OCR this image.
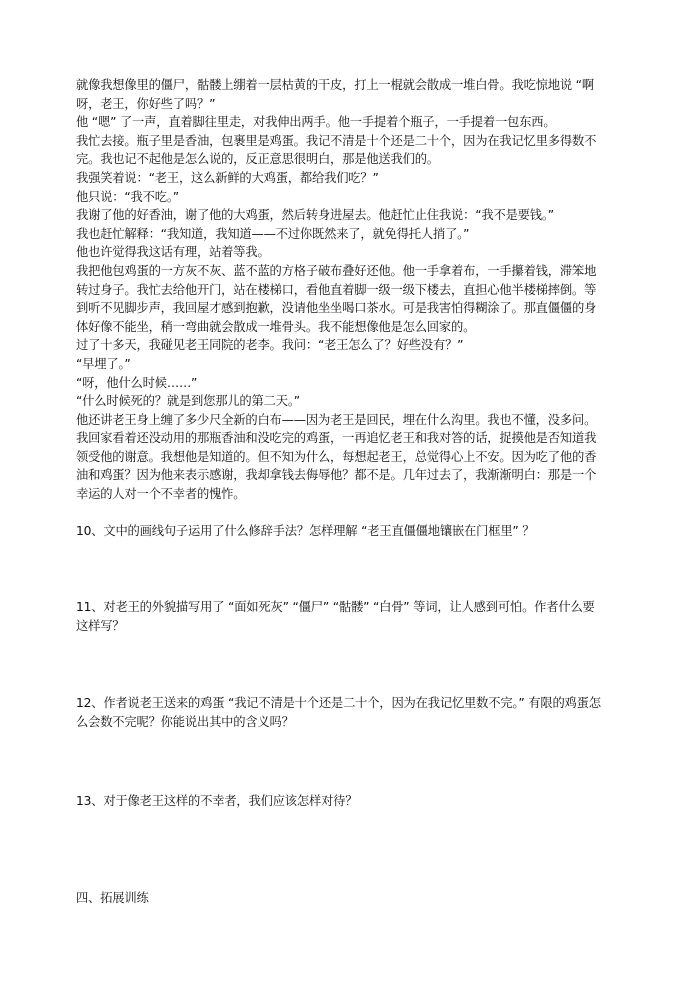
就像我想像里的僵尸，骷髅上绷着一层枯黄的干皮，打上一棍就会散成一堆白骨。我吃惊地说 “啊
呀，老王，你好些了吗？”
他 “嗯” 了一声，直着脚往里走，对我伸出两手。他一手提着个瓶子，一手提着一包东西。
我忙去接。瓶子里是香油，包裹里是鸡蛋。我记不清是十个还是二十个，因为在我记忆里多得数不
完。我也记不起他是怎么说的，反正意思很明白，那是他送我们的。
我强笑着说：“老王，这么新鲜的大鸡蛋，都给我们吃？”
他只说：“我不吃。”
我谢了他的好香油，谢了他的大鸡蛋，然后转身进屋去。他赶忙止住我说：“我不是要钱。”
我也赶忙解释：“我知道，我知道——不过你既然来了，就免得托人捎了。”
他也许觉得我这话有理，站着等我。
我把他包鸡蛋的一方灰不灰、蓝不蓝的方格子破布叠好还他。他一手拿着布，一手攥着钱，滞笨地
转过身子。我忙去给他开门，站在楼梯口，看他直着脚一级一级下楼去，直担心他半楼梯摔倒。等
到听不见脚步声，我回屋才感到抱歉，没请他坐坐喝口茶水。可是我害怕得糊涂了。那直僵僵的身
体好像不能坐，稍一弯曲就会散成一堆骨头。我不能想像他是怎么回家的。
过了十多天，我碰见老王同院的老李。我问：“老王怎么了？好些没有？”
“早埋了。”
“呀，他什么时候……”
“什么时候死的？就是到您那儿的第二天。”
他还讲老王身上缠了多少尺全新的白布——因为老王是回民，埋在什么沟里。我也不懂，没多问。
我回家看着还没动用的那瓶香油和没吃完的鸡蛋，一再追忆老王和我对答的话，捉摸他是否知道我
领受他的谢意。我想他是知道的。但不知为什么，每想起老王，总觉得心上不安。因为吃了他的香
油和鸡蛋？因为他来表示感谢，我却拿钱去侮辱他？都不是。几年过去了，我渐渐明白：那是一个
幸运的人对一个不幸者的愧怍。
10、文中的画线句子运用了什么修辞手法？怎样理解 “老王直僵僵地镶嵌在门框里” ？
11、对老王的外貌描写用了 “面如死灰” “僵尸” “骷髅” “白骨” 等词，让人感到可怕。作者什么要
这样写？
12、作者说老王送来的鸡蛋 “我记不清是十个还是二十个，因为在我记忆里数不完。” 有限的鸡蛋怎
么会数不完呢？你能说出其中的含义吗？
13、对于像老王这样的不幸者，我们应该怎样对待？
四、拓展训练
